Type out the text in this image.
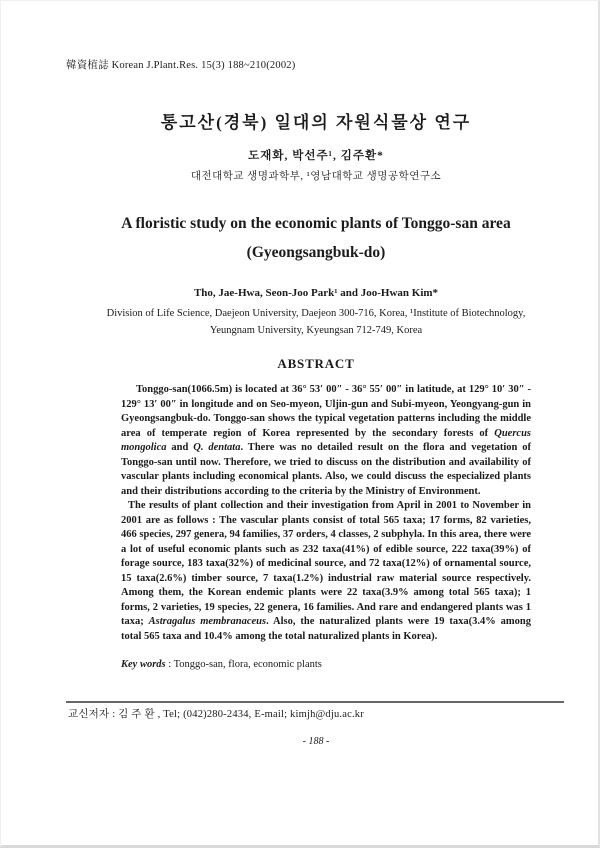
韓資植誌 Korean J.Plant.Res. 15(3) 188~210(2002)
통고산(경북) 일대의 자원식물상 연구
도재화, 박선주¹, 김주환*
대전대학교 생명과학부, ¹영남대학교 생명공학연구소
A floristic study on the economic plants of Tonggo-san area
(Gyeongsangbuk-do)
Tho, Jae-Hwa, Seon-Joo Park¹ and Joo-Hwan Kim*
Division of Life Science, Daejeon University, Daejeon 300-716, Korea, ¹Institute of Biotechnology,
Yeungnam University, Kyeungsan 712-749, Korea
ABSTRACT

Tonggo-san(1066.5m) is located at 36° 53′ 00″ - 36° 55′ 00″ in latitude, at 129° 10′ 30″ - 129° 13′ 00″ in longitude and on Seo-myeon, Uljin-gun and Subi-myeon, Yeongyang-gun in Gyeongsangbuk-do. Tonggo-san shows the typical vegetation patterns including the middle area of temperate region of Korea represented by the secondary forests of Quercus mongolica and Q. dentata. There was no detailed result on the flora and vegetation of Tonggo-san until now. Therefore, we tried to discuss on the distribution and availability of vascular plants including economical plants. Also, we could discuss the especialized plants and their distributions according to the criteria by the Ministry of Environment.

The results of plant collection and their investigation from April in 2001 to November in 2001 are as follows : The vascular plants consist of total 565 taxa; 17 forms, 82 varieties, 466 species, 297 genera, 94 families, 37 orders, 4 classes, 2 subphyla. In this area, there were a lot of useful economic plants such as 232 taxa(41%) of edible source, 222 taxa(39%) of forage source, 183 taxa(32%) of medicinal source, and 72 taxa(12%) of ornamental source, 15 taxa(2.6%) timber source, 7 taxa(1.2%) industrial raw material source respectively. Among them, the Korean endemic plants were 22 taxa(3.9% among total 565 taxa); 1 forms, 2 varieties, 19 species, 22 genera, 16 families. And rare and endangered plants was 1 taxa; Astragalus membranaceus. Also, the naturalized plants were 19 taxa(3.4% among total 565 taxa and 10.4% among the total naturalized plants in Korea).

Key words : Tonggo-san, flora, economic plants
교신저자 : 김 주 환 , Tel; (042)280-2434, E-mail; kimjh@dju.ac.kr
- 188 -
